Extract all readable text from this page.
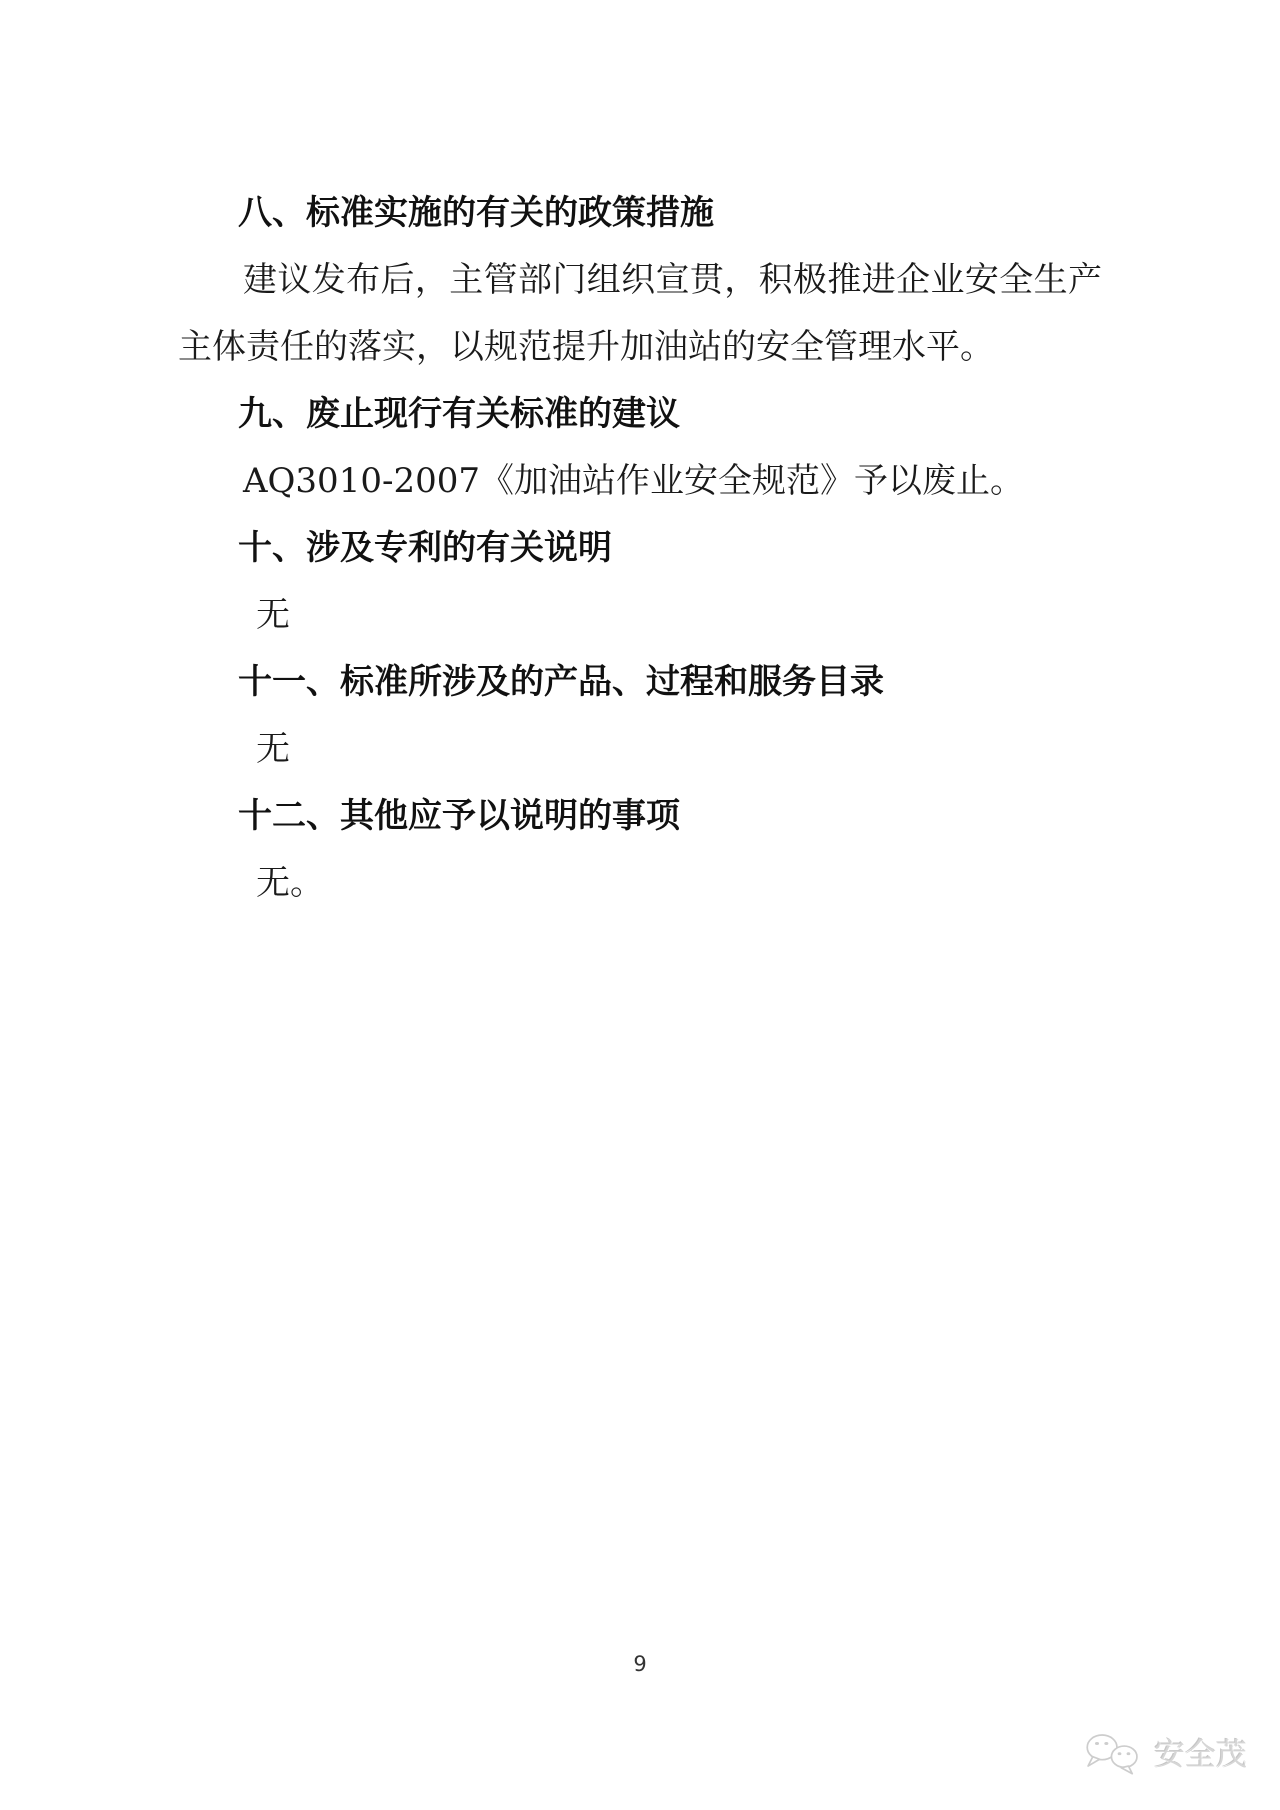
八、标准实施的有关的政策措施
建议发布后，主管部门组织宣贯，积极推进企业安全生产主体责任的落实，以规范提升加油站的安全管理水平。
九、废止现行有关标准的建议
AQ3010-2007《加油站作业安全规范》予以废止。
十、涉及专利的有关说明
无
十一、标准所涉及的产品、过程和服务目录
无
十二、其他应予以说明的事项
无。
9
安全茂
